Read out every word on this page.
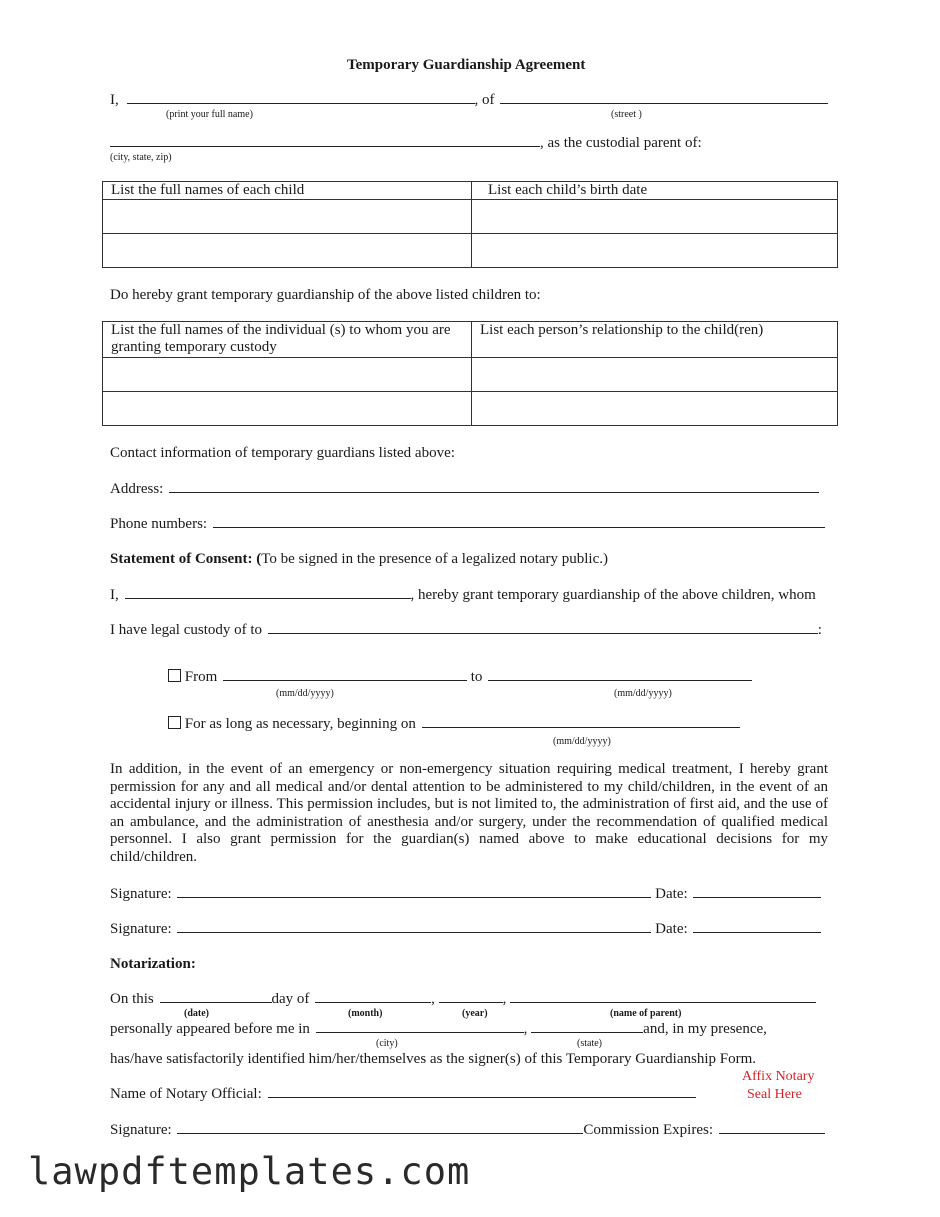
Temporary Guardianship Agreement
I,	, of
(print your full name)	(street )
, as the custodial parent of:
(city, state, zip)
List the full names of each child	List each child’s birth date

Do hereby grant temporary guardianship of the above listed children to:
List the full names of the individual (s) to whom you are granting temporary custody	List each person’s relationship to the child(ren)

Contact information of temporary guardians listed above:
Address:
Phone numbers:
Statement of Consent: (To be signed in the presence of a legalized notary public.)
I,	, hereby grant temporary guardianship of the above children, whom
I have legal custody of to	:
From	to
(mm/dd/yyyy)	(mm/dd/yyyy)
For as long as necessary, beginning on
(mm/dd/yyyy)
In addition, in the event of an emergency or non-emergency situation requiring medical treatment, I hereby grant permission for any and all medical and/or dental attention to be administered to my child/children, in the event of an accidental injury or illness. This permission includes, but is not limited to, the administration of first aid, and the use of an ambulance, and the administration of anesthesia and/or surgery, under the recommendation of qualified medical personnel. I also grant permission for the guardian(s) named above to make educational decisions for my child/children.
Signature:	Date:
Signature:	Date:
Notarization:
On this	day of	,	,
(date)	(month)	(year)	(name of parent)
personally appeared before me in	,	and, in my presence,
(city)	(state)
has/have satisfactorily identified him/her/themselves as the signer(s) of this Temporary Guardianship Form.
Name of Notary Official:
Affix Notary
Seal Here
Signature:	Commission Expires:
lawpdftemplates.com
